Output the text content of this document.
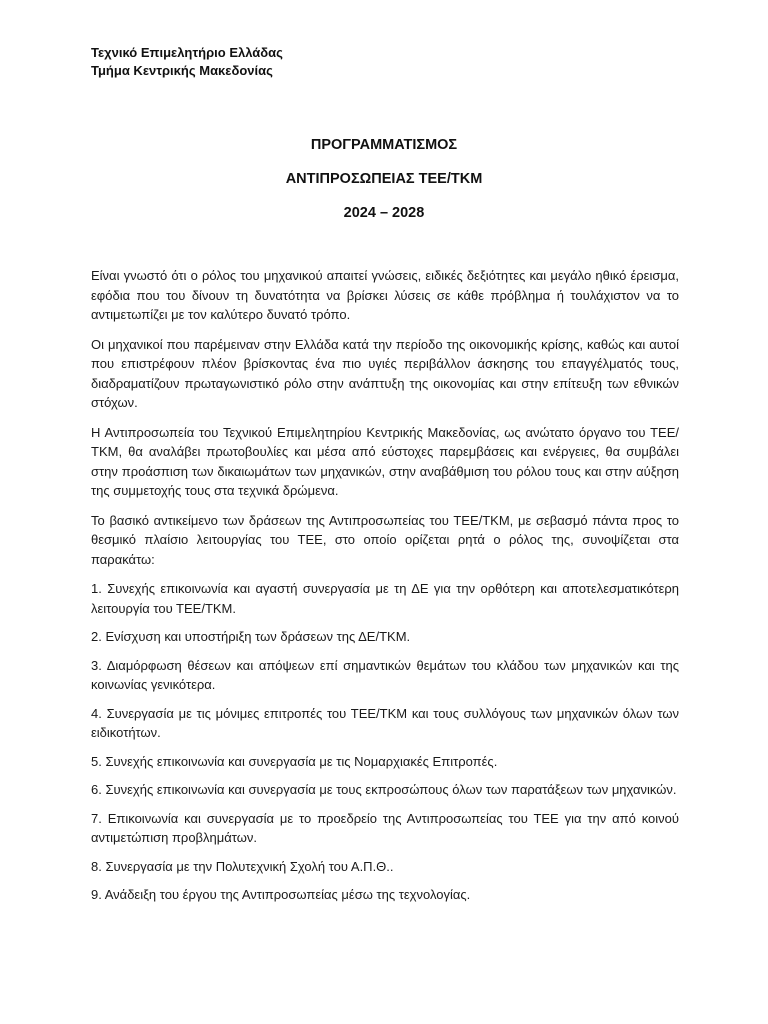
Τεχνικό Επιμελητήριο Ελλάδας
Τμήμα Κεντρικής Μακεδονίας
ΠΡΟΓΡΑΜΜΑΤΙΣΜΟΣ
ΑΝΤΙΠΡΟΣΩΠΕΙΑΣ ΤΕΕ/ΤΚΜ
2024 – 2028

Είναι γνωστό ότι ο ρόλος του μηχανικού απαιτεί γνώσεις, ειδικές δεξιότητες και μεγάλο ηθικό έρεισμα, εφόδια που του δίνουν τη δυνατότητα να βρίσκει λύσεις σε κάθε πρόβλημα ή τουλάχιστον να το αντιμετωπίζει με τον καλύτερο δυνατό τρόπο.

Οι μηχανικοί που παρέμειναν στην Ελλάδα κατά την περίοδο της οικονομικής κρίσης, καθώς και αυτοί που επιστρέφουν πλέον βρίσκοντας ένα πιο υγιές περιβάλλον άσκησης του επαγγέλματός τους, διαδραματίζουν πρωταγωνιστικό ρόλο στην ανάπτυξη της οικονομίας και στην επίτευξη των εθνικών στόχων.

Η Αντιπροσωπεία του Τεχνικού Επιμελητηρίου Κεντρικής Μακεδονίας, ως ανώτατο όργανο του ΤΕΕ/ΤΚΜ, θα αναλάβει πρωτοβουλίες και μέσα από εύστοχες παρεμβάσεις και ενέργειες, θα συμβάλει στην προάσπιση των δικαιωμάτων των μηχανικών, στην αναβάθμιση του ρόλου τους και στην αύξηση της συμμετοχής τους στα τεχνικά δρώμενα.

Το βασικό αντικείμενο των δράσεων της Αντιπροσωπείας του ΤΕΕ/ΤΚΜ, με σεβασμό πάντα προς το θεσμικό πλαίσιο λειτουργίας του ΤΕΕ, στο οποίο ορίζεται ρητά ο ρόλος της, συνοψίζεται στα παρακάτω:

1. Συνεχής επικοινωνία και αγαστή συνεργασία με τη ΔΕ για την ορθότερη και αποτελεσματικότερη λειτουργία του ΤΕΕ/ΤΚΜ.

2. Ενίσχυση και υποστήριξη των δράσεων της ΔΕ/ΤΚΜ.

3. Διαμόρφωση θέσεων και απόψεων επί σημαντικών θεμάτων του κλάδου των μηχανικών και της κοινωνίας γενικότερα.

4. Συνεργασία με τις μόνιμες επιτροπές του ΤΕΕ/ΤΚΜ και τους συλλόγους των μηχανικών όλων των ειδικοτήτων.

5. Συνεχής επικοινωνία και συνεργασία με τις Νομαρχιακές Επιτροπές.

6. Συνεχής επικοινωνία και συνεργασία με τους εκπροσώπους όλων των παρατάξεων των μηχανικών.

7. Επικοινωνία και συνεργασία με το προεδρείο της Αντιπροσωπείας του ΤΕΕ για την από κοινού αντιμετώπιση προβλημάτων.

8. Συνεργασία με την Πολυτεχνική Σχολή του Α.Π.Θ..

9. Ανάδειξη του έργου της Αντιπροσωπείας μέσω της τεχνολογίας.
